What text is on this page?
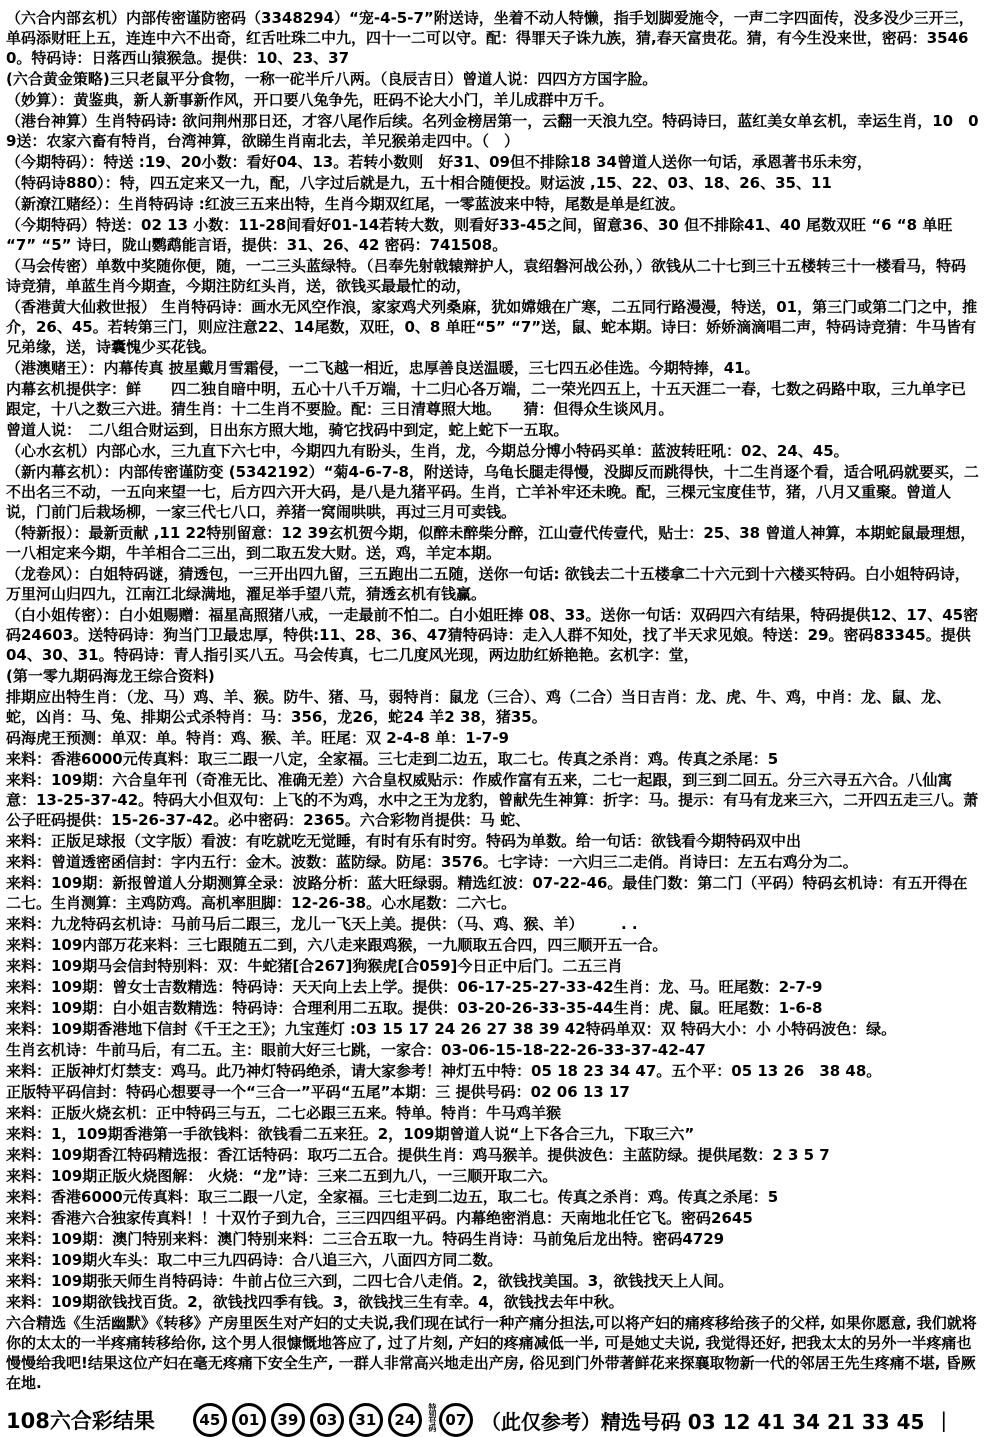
（六合内部玄机）内部传密谨防密码（3348294）“宠-4-5-7”附送诗，坐着不动人特懒，指手划脚爱施令，一声二字四面传，没多没少三开三，单码添财旺上五，连连中六不出奇，红舌吐珠二中九，四十一二可以守。配：得罪天子诛九族，猜,春天富贵花。猜，有今生没来世，密码：35460。特码诗：日落西山猿猴急。提供：10、23、37

(六合黄金策略)三只老鼠平分食物，一称一砣半斤八两。（良辰吉日）曾道人说：四四方方国字脸。

（妙算）：黄鉴典，新人新事新作风，开口要八兔争先，旺码不论大小门，羊儿成群中万千。

（港台神算）生肖特码诗: 欲问荆州那日还，才容八尾作后续。名列金榜居第一，云翻一天浪九空。特码诗曰，蓝红美女单玄机，幸运生肖，10　09送：农家六畜有特肖，台湾神算，欲睇生肖南北去，羊兄猴弟走四中。（　）

（今期特码）：特送 :19、20小数：看好04、13。若转小数则　好31、09但不排除18 34曾道人送你一句话，承恩著书乐未穷，

（特码诗880）：特，四五定来又一九，配，八字过后就是九，五十相合随便投。财运波 ,15、22、03、18、26、35、11

（新潦江赌经）：生肖特码诗 :红波三五来出特，生肖今期双红尾，一零蓝波来中特，尾数是单是红波。

（今期特码）特送：02 13 小数：11-28间看好01-14若转大数，则看好33-45之间，留意36、30 但不排除41、40 尾数双旺 “6 “8 单旺 “7” “5” 诗曰，陇山鹦鹉能言语，提供：31、26、42 密码：741508。

（马会传密）单数中奖随你便，随，一二三头蓝绿特。（吕奉先射戟辕辩护人，袁绍磐河战公孙，）欲钱从二十七到三十五楼转三十一楼看马，特码诗竞猜，单蓝生肖今期查，今期注防红头肖，送，欲钱买最最忙的动，

（香港黄大仙救世报） 生肖特码诗：画水无风空作浪，家家鸡犬列桑麻，犹如嫦娥在广寒，二五同行路漫漫，特送，01，第三门或第二门之中，推介，26、45。若转第三门，则应注意22、14尾数，双旺，0、8 单旺“5” “7”送，鼠、蛇本期。诗曰：娇娇滴滴唱二声，特码诗竞猜：牛马皆有兄弟缘，送，诗囊愧少买花钱。

（港澳赌王）：内幕传真 披星戴月雪霜侵，一二飞越一相近，忠厚善良送温暖，三七四五必佳选。今期特捧，41。

内幕玄机提供字：鲜　　四二独自暗中明，五心十八千万端，十二归心各万端，二一荣光四五上，十五天涯二一春，七数之码路中取，三九单字已跟定，十八之数三六进。猜生肖：十二生肖不要脸。配：三日清尊照大地。　　猜：但得众生谈风月。

曾道人说：　二八组合财运到，日出东方照大地，骑它找码中到定，蛇上蛇下一五取。

（心水玄机）内部心水，三九直下六七中，今期四九有盼头，生肖，龙，今期总分博小特码买单：蓝波转旺吼：02、24、45。

（新内幕玄机）：内部传密谨防变 (5342192）“菊4-6-7-8，附送诗，乌龟长腿走得慢，没脚反而跳得快，十二生肖逐个看，适合吼码就要买，二不出名三不动，一五向来望一七，后方四六开大码，是八是九猪平码。生肖，亡羊补牢还未晚。配，三棵元宝度佳节，猪，八月又重聚。曾道人说，门前门后栽场柳，一家三代七八口，养猪一窝闹哄哄，再过三月可卖钱。

（特新报）：最新贡献 ,11 22特别留意：12 39玄机贺今期，似醉未醉柴分醉，江山壹代传壹代，贴士：25、38 曾道人神算，本期蛇鼠最理想，一八相定来今期，牛羊相合二三出，到二取五发大财。送，鸡，羊定本期。

（龙卷风）：白姐特码谜，猜透包，一三开出四九留，三五跑出二五随，送你一句话: 欲钱去二十五楼拿二十六元到十六楼买特码。白小姐特码诗，万里河山归四九，江南江北绿满地，濯足举手望八荒，猜透玄机有钱赢。

（白小姐传密）：白小姐赐赠：福星高照猪八戒，一走最前不怕二。白小姐旺捧 08、33。送你一句话：双码四六有结果，特码提供12、17、45密码24603。送特码诗：狗当门卫最忠厚，特供:11、28、36、47猜特码诗：走入人群不知处，找了半天求见娘。特送：29。密码83345。提供04、30、31。特码诗：青人指引买八五。马会传真，七二几度风光现，两边肋红娇艳艳。玄机字：堂，

(第一零九期码海龙王综合资料)

排期应出特生肖：（龙、马）鸡、羊、猴。防牛、猪、马，弱特肖：鼠龙（三合）、鸡（二合）当日吉肖：龙、虎、牛、鸡，中肖：龙、鼠、龙、蛇，凶肖：马、兔、排期公式杀特肖：马：356，龙26，蛇24 羊2 38，猪35。

码海虎王预测：单双：单。特肖：鸡、猴、羊。旺尾：双 2-4-8 单：1-7-9

来料：香港6000元传真料：取三二跟一八定，全家福。三七走到二边五，取二七。传真之杀肖：鸡。传真之杀尾：5

来料：109期：六合皇年刊（奇准无比、准确无差）六合皇权威贴示：作威作富有五来，二七一起跟，到三到二回五。分三六寻五六合。八仙寓意：13-25-37-42。特码大小但双句：上飞的不为鸡，水中之王为龙豹，曾献先生神算：折字：马。提示：有马有龙来三六，二开四五走三八。萧公子旺码提供：15-26-37-42。必中密码：2365。六合彩物肖提供：马 蛇、

来料：正版足球报（文字版）看波：有吃就吃无觉睡，有时有乐有时穷。特码为单数。给一句话：欲钱看今期特码双中出

来料：曾道透密函信封：字内五行：金木。波数：蓝防绿。防尾：3576。七字诗：一六归三二走俏。肖诗曰：左五右鸡分为二。

来料：109期：新报曾道人分期测算全录：波路分析：蓝大旺绿弱。精选红波：07-22-46。最佳门数：第二门（平码）特码玄机诗：有五开得在二七。生肖测算：主鸡防鸡。高机率胆脚：12-26-38。心水尾数：二六七。

来料：九龙特码玄机诗：马前马后二跟三，龙儿一飞天上美。提供：（马、鸡、猴、羊）　　　. .

来料：109内部万花来料：三七跟随五二到，六八走来跟鸡猴，一九顺取五合四，四三顺开五一合。

来料：109期马会信封特别料：双：牛蛇猪[合267]狗猴虎[合059]今日正中后门。二五三肖

来料：109期：曾女士吉数精选：特码诗：天天向上去上学。提供：06-17-25-27-33-42生肖：龙、马。旺尾数：2-7-9

来料：109期：白小姐吉数精选：特码诗：合理利用二五取。提供：03-20-26-33-35-44生肖：虎、鼠。旺尾数：1-6-8

来料：109期香港地下信封《千王之王》；九宝莲灯 :03 15 17 24 26 27 38 39 42特码单双：双 特码大小：小 小特码波色：绿。

生肖玄机诗：牛前马后，有二五。主：眼前大好三七跳，一家合：03-06-15-18-22-26-33-37-42-47

来料：正版神灯灯禁支：鸡马。此乃神灯特码绝杀，请大家参考！神灯五中特：05 18 23 34 47。五个平：05 13 26　38 48。

正版特平码信封：特码心想要寻一个“三合一”平码“五尾”本期：三 提供号码：02 06 13 17

来料：正版火烧玄机：正中特码三与五，二七必跟三五来。特单。特肖：牛马鸡羊猴

来料：1，109期香港第一手欲钱料：欲钱看二五来狂。2，109期曾道人说“上下各合三九，下取三六”

来料：109期香江特码精选报：香江话特码：取巧二五合。提供生肖：鸡马猴羊。提供波色：主蓝防绿。提供尾数：2 3 5 7

来料：109期正版火烧图解： 火烧：“龙”诗：三来二五到九八，一三顺开取二六。

来料：香港6000元传真料：取三二跟一八定，全家福。三七走到二边五，取二七。传真之杀肖：鸡。传真之杀尾：5

来料：香港六合独家传真料！！十双竹子到九合，三三四四组平码。内幕绝密消息：天南地北任它飞。密码2645

来料：109期：澳门特别来料：澳门特别来料：二三合五取一九。特码生肖诗：马前兔后龙出特。密码4729

来料：109期火车头：取二中三九四码诗：合八追三六，八面四方同二数。

来料：109期张天师生肖特码诗：牛前占位三六到，二四七合八走俏。2，欲钱找美国。3，欲钱找天上人间。

来料：109期欲钱找百货。2，欲钱找四季有钱。3，欲钱找三生有幸。4，欲钱找去年中秋。

六合精选《生活幽默》《转移》产房里医生对产妇的丈夫说,我们现在试行一种产痛分担法,可以将产妇的痛疼移给孩子的父样, 如果你愿意, 我们就将你的太太的一半疼痛转移给你, 这个男人很慷慨地答应了, 过了片刻, 产妇的疼痛减低一半, 可是她丈夫说, 我觉得还好, 把我太太的另外一半疼痛也慢慢给我吧!结果这位产妇在毫无疼痛下安全生产, 一群人非常高兴地走出产房, 俗见到门外带著鲜花来探襄取物新一代的邻居王先生疼痛不堪, 昏厥在地.

108六合彩结果	45	01	39	03	31	24	特别号码 07 （此仅参考）精选号码 03 12 41 34 21 33 45 |
